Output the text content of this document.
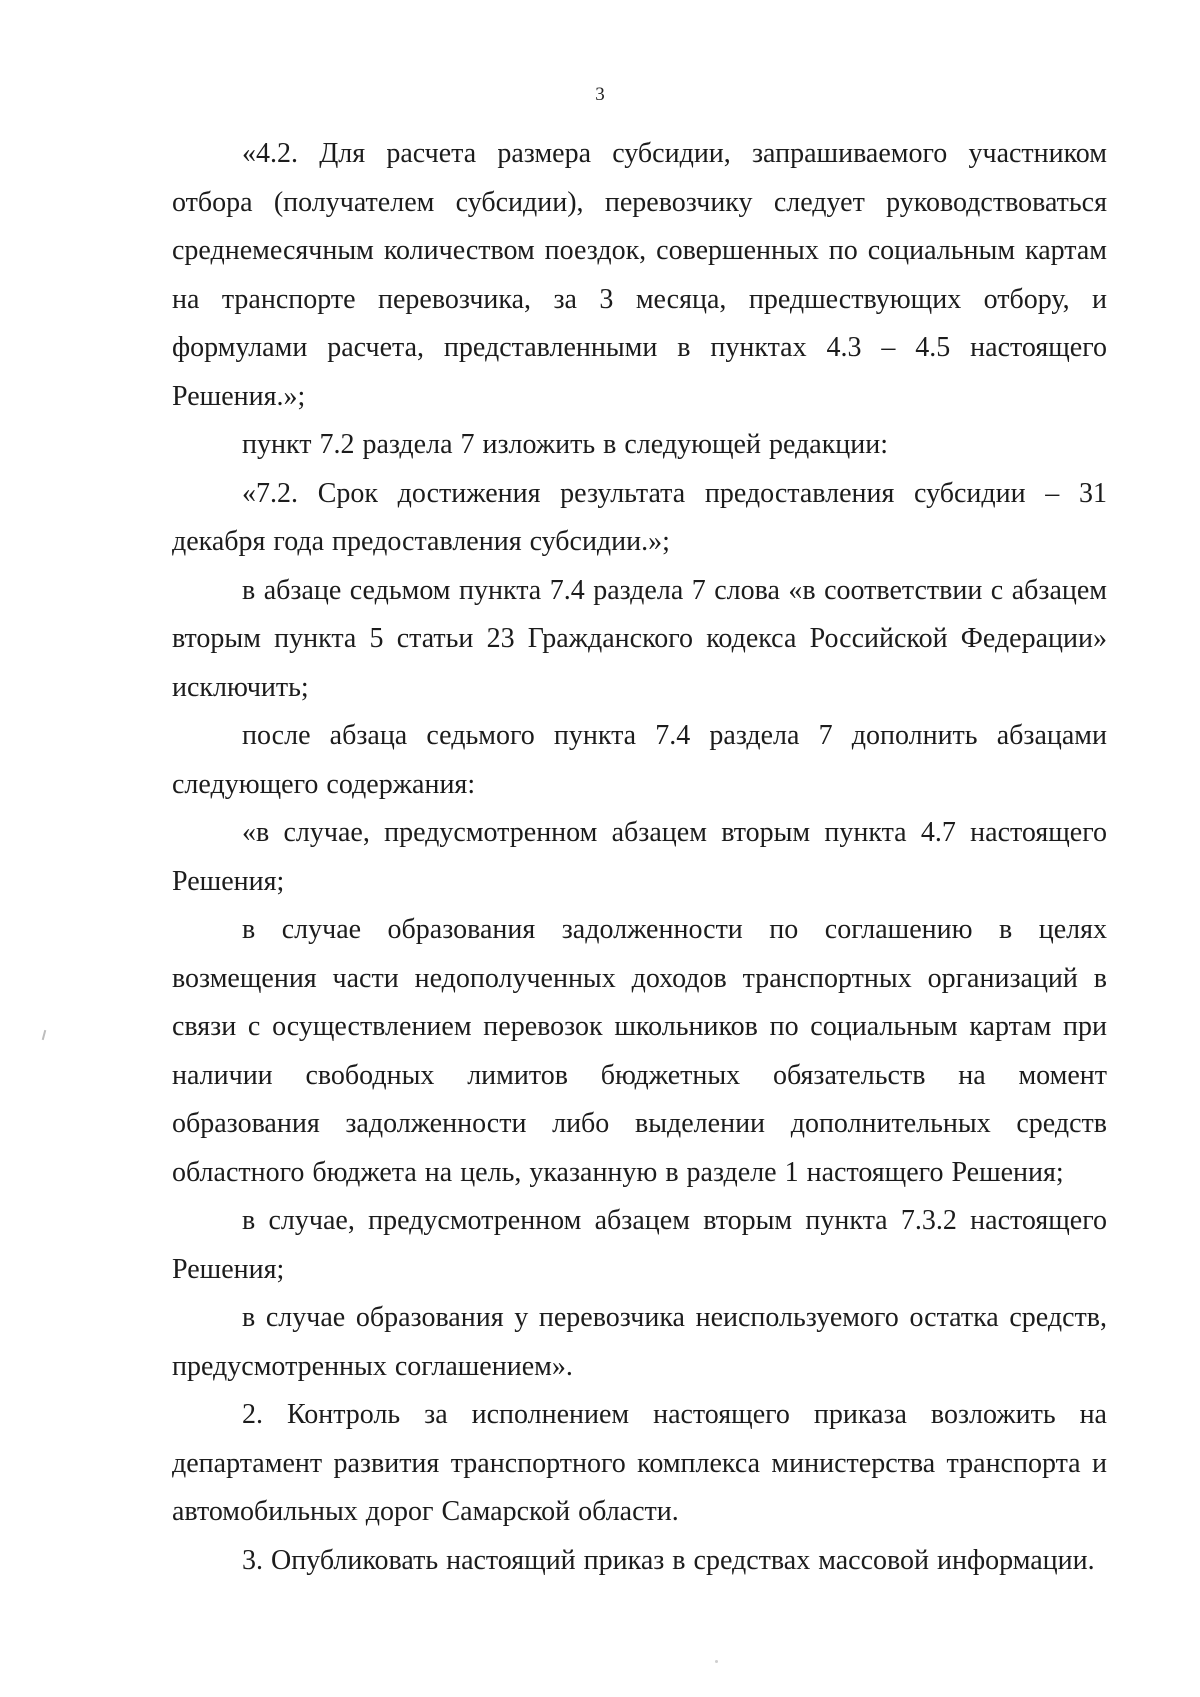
3

«4.2. Для расчета размера субсидии, запрашиваемого участником отбора (получателем субсидии), перевозчику следует руководствоваться среднемесячным количеством поездок, совершенных по социальным картам на транспорте перевозчика, за 3 месяца, предшествующих отбору, и формулами расчета, представленными в пунктах 4.3 – 4.5 настоящего Решения.»;

пункт 7.2 раздела 7 изложить в следующей редакции:

«7.2. Срок достижения результата предоставления субсидии – 31 декабря года предоставления субсидии.»;

в абзаце седьмом пункта 7.4 раздела 7 слова «в соответствии с абзацем вторым пункта 5 статьи 23 Гражданского кодекса Российской Федерации» исключить;

после абзаца седьмого пункта 7.4 раздела 7 дополнить абзацами следующего содержания:

«в случае, предусмотренном абзацем вторым пункта 4.7 настоящего Решения;

в случае образования задолженности по соглашению в целях возмещения части недополученных доходов транспортных организаций в связи с осуществлением перевозок школьников по социальным картам при наличии свободных лимитов бюджетных обязательств на момент образования задолженности либо выделении дополнительных средств областного бюджета на цель, указанную в разделе 1 настоящего Решения;

в случае, предусмотренном абзацем вторым пункта 7.3.2 настоящего Решения;

в случае образования у перевозчика неиспользуемого остатка средств, предусмотренных соглашением».

2. Контроль за исполнением настоящего приказа возложить на департамент развития транспортного комплекса министерства транспорта и автомобильных дорог Самарской области.

3. Опубликовать настоящий приказ в средствах массовой информации.
